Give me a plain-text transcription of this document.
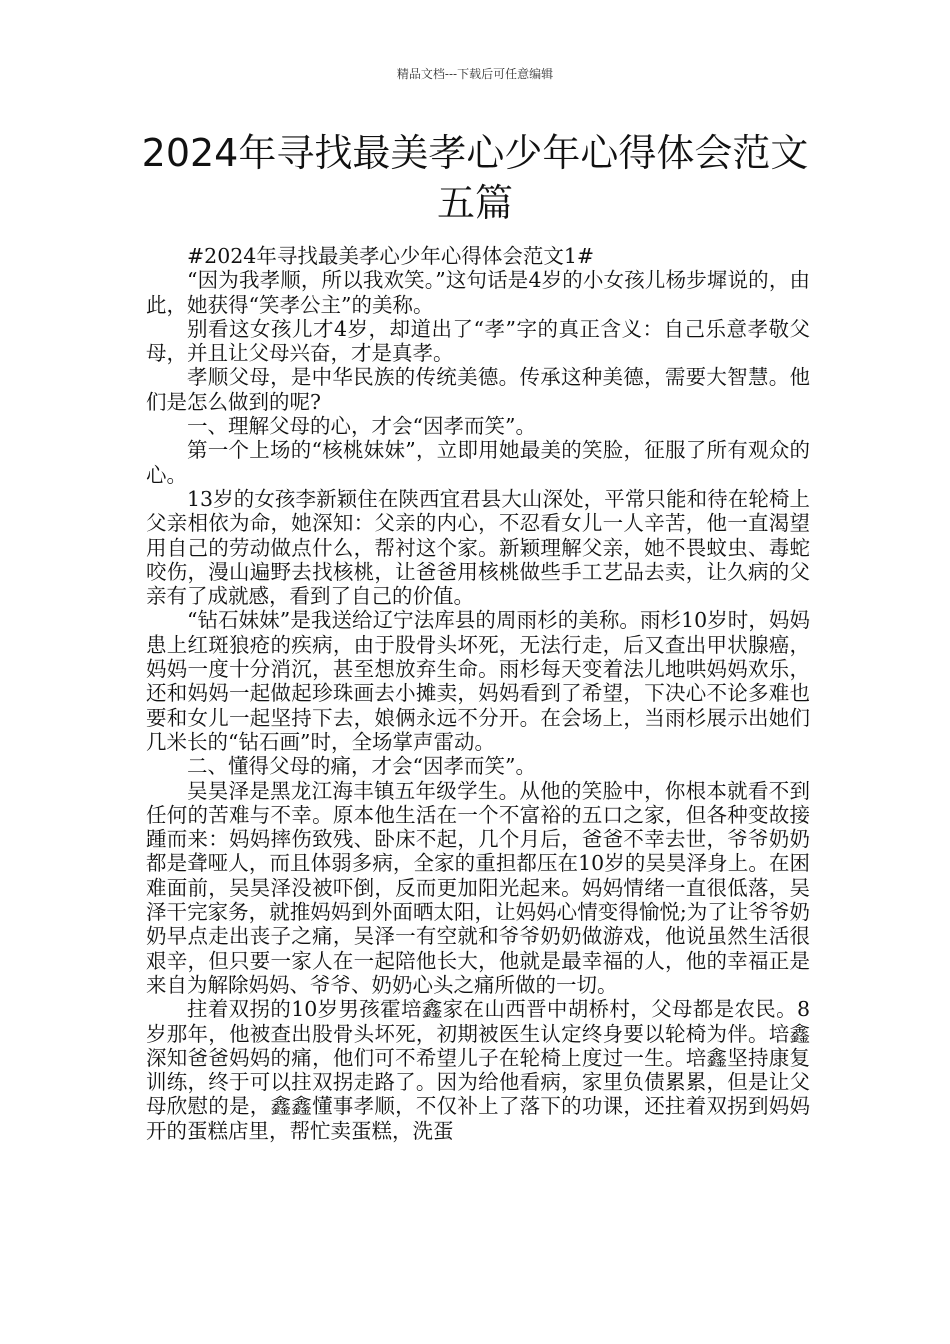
精品文档---下载后可任意编辑
2024年寻找最美孝心少年心得体会范文
五篇

#2024年寻找最美孝心少年心得体会范文1#

“因为我孝顺，所以我欢笑。”这句话是4岁的小女孩儿杨步墀说的，由此，她获得“笑孝公主”的美称。

别看这女孩儿才4岁，却道出了“孝”字的真正含义：自己乐意孝敬父母，并且让父母兴奋，才是真孝。

孝顺父母，是中华民族的传统美德。传承这种美德，需要大智慧。他们是怎么做到的呢?

一、理解父母的心，才会“因孝而笑”。

第一个上场的“核桃妹妹”，立即用她最美的笑脸，征服了所有观众的心。

13岁的女孩李新颖住在陕西宜君县大山深处，平常只能和待在轮椅上父亲相依为命，她深知：父亲的内心，不忍看女儿一人辛苦，他一直渴望用自己的劳动做点什么，帮衬这个家。新颖理解父亲，她不畏蚊虫、毒蛇咬伤，漫山遍野去找核桃，让爸爸用核桃做些手工艺品去卖，让久病的父亲有了成就感，看到了自己的价值。

“钻石妹妹”是我送给辽宁法库县的周雨杉的美称。雨杉10岁时，妈妈患上红斑狼疮的疾病，由于股骨头坏死，无法行走，后又查出甲状腺癌，妈妈一度十分消沉，甚至想放弃生命。雨杉每天变着法儿地哄妈妈欢乐，还和妈妈一起做起珍珠画去小摊卖，妈妈看到了希望，下决心不论多难也要和女儿一起坚持下去，娘俩永远不分开。在会场上，当雨杉展示出她们几米长的“钻石画”时，全场掌声雷动。

二、懂得父母的痛，才会“因孝而笑”。

吴昊泽是黑龙江海丰镇五年级学生。从他的笑脸中，你根本就看不到任何的苦难与不幸。原本他生活在一个不富裕的五口之家，但各种变故接踵而来：妈妈摔伤致残、卧床不起，几个月后，爸爸不幸去世，爷爷奶奶都是聋哑人，而且体弱多病，全家的重担都压在10岁的吴昊泽身上。在困难面前，吴昊泽没被吓倒，反而更加阳光起来。妈妈情绪一直很低落，吴泽干完家务，就推妈妈到外面晒太阳，让妈妈心情变得愉悦;为了让爷爷奶奶早点走出丧子之痛，吴泽一有空就和爷爷奶奶做游戏，他说虽然生活很艰辛，但只要一家人在一起陪他长大，他就是最幸福的人，他的幸福正是来自为解除妈妈、爷爷、奶奶心头之痛所做的一切。

拄着双拐的10岁男孩霍培鑫家在山西晋中胡桥村，父母都是农民。8岁那年，他被查出股骨头坏死，初期被医生认定终身要以轮椅为伴。培鑫深知爸爸妈妈的痛，他们可不希望儿子在轮椅上度过一生。培鑫坚持康复训练，终于可以拄双拐走路了。因为给他看病，家里负债累累，但是让父母欣慰的是，鑫鑫懂事孝顺，不仅补上了落下的功课，还拄着双拐到妈妈开的蛋糕店里，帮忙卖蛋糕，洗蛋
